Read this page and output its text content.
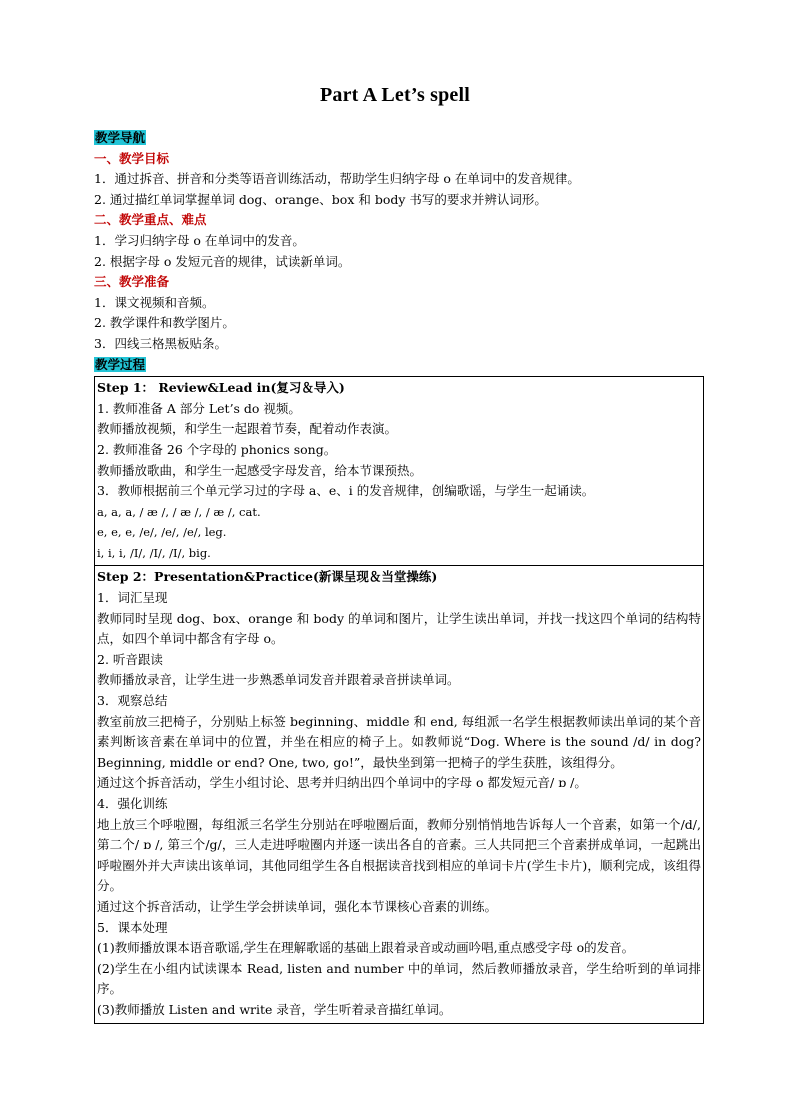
Part A Let’s spell
教学导航
一、教学目标
1．通过拆音、拼音和分类等语音训练活动，帮助学生归纳字母 o 在单词中的发音规律。
2. 通过描红单词掌握单词 dog、orange、box 和 body 书写的要求并辨认词形。
二、教学重点、难点
1．学习归纳字母 o 在单词中的发音。
2. 根据字母 o 发短元音的规律，试读新单词。
三、教学准备
1．课文视频和音频。
2. 教学课件和教学图片。
3．四线三格黑板贴条。
教学过程
Step 1： Review&Lead in(复习＆导入)
1. 教师准备 A 部分 Let’s do 视频。
教师播放视频，和学生一起跟着节奏，配着动作表演。
2. 教师准备 26 个字母的 phonics song。
教师播放歌曲，和学生一起感受字母发音，给本节课预热。
3．教师根据前三个单元学习过的字母 a、e、i 的发音规律，创编歌谣，与学生一起诵读。
a, a, a, / æ /, / æ /, / æ /, cat.
e, e, e, /e/, /e/, /e/, leg.
i, i, i, /I/, /I/, /I/, big.

Step 2：Presentation&Practice(新课呈现＆当堂操练)
1．词汇呈现
教师同时呈现 dog、box、orange 和 body 的单词和图片，让学生读出单词，并找一找这四个单词的结构特点，如四个单词中都含有字母 o。
2. 听音跟读
教师播放录音，让学生进一步熟悉单词发音并跟着录音拼读单词。
3．观察总结
教室前放三把椅子，分别贴上标签 beginning、middle 和 end, 每组派一名学生根据教师读出单词的某个音素判断该音素在单词中的位置，并坐在相应的椅子上。如教师说“Dog. Where is the sound /d/ in dog? Beginning, middle or end? One, two, go!”，最快坐到第一把椅子的学生获胜，该组得分。
通过这个拆音活动，学生小组讨论、思考并归纳出四个单词中的字母 o 都发短元音/ ɒ /。
4．强化训练
地上放三个呼啦圈，每组派三名学生分别站在呼啦圈后面，教师分别悄悄地告诉每人一个音素，如第一个/d/, 第二个/ ɒ /, 第三个/g/，三人走进呼啦圈内并逐一读出各自的音素。三人共同把三个音素拼成单词，一起跳出呼啦圈外并大声读出该单词，其他同组学生各自根据读音找到相应的单词卡片(学生卡片)，顺利完成，该组得分。
通过这个拆音活动，让学生学会拼读单词，强化本节课核心音素的训练。
5．课本处理
(1)教师播放课本语音歌谣,学生在理解歌谣的基础上跟着录音或动画吟唱,重点感受字母 o的发音。
(2)学生在小组内试读课本 Read, listen and number 中的单词，然后教师播放录音，学生给听到的单词排序。
(3)教师播放 Listen and write 录音，学生听着录音描红单词。
